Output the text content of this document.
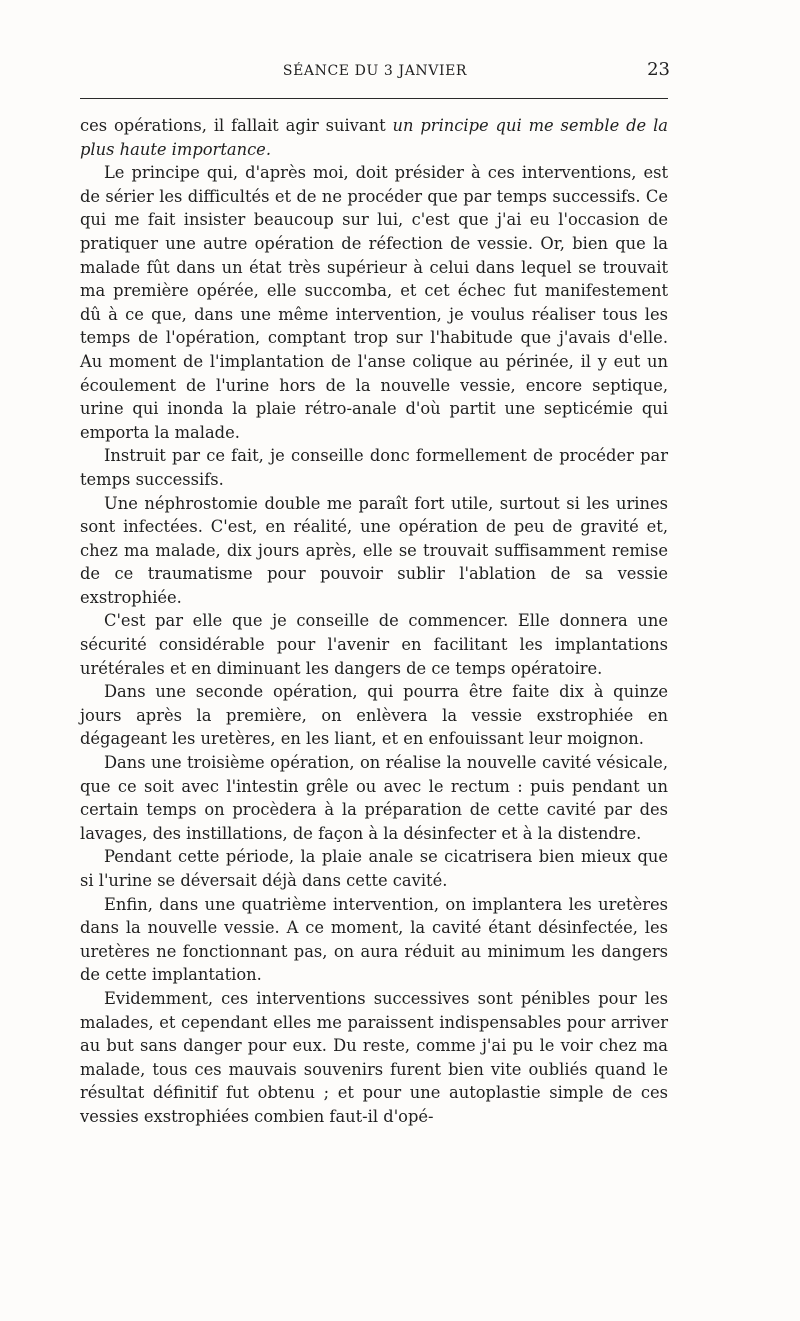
SÉANCE DU 3 JANVIER	23

ces opérations, il fallait agir suivant un principe qui me semble de la plus haute importance.

Le principe qui, d'après moi, doit présider à ces interventions, est de sérier les difficultés et de ne procéder que par temps successifs. Ce qui me fait insister beaucoup sur lui, c'est que j'ai eu l'occasion de pratiquer une autre opération de réfection de vessie. Or, bien que la malade fût dans un état très supérieur à celui dans lequel se trouvait ma première opérée, elle succomba, et cet échec fut manifestement dû à ce que, dans une même intervention, je voulus réaliser tous les temps de l'opération, comptant trop sur l'habitude que j'avais d'elle. Au moment de l'implantation de l'anse colique au périnée, il y eut un écoulement de l'urine hors de la nouvelle vessie, encore septique, urine qui inonda la plaie rétro-anale d'où partit une septicémie qui emporta la malade.

Instruit par ce fait, je conseille donc formellement de procéder par temps successifs.

Une néphrostomie double me paraît fort utile, surtout si les urines sont infectées. C'est, en réalité, une opération de peu de gravité et, chez ma malade, dix jours après, elle se trouvait suffisamment remise de ce traumatisme pour pouvoir sublir l'ablation de sa vessie exstrophiée.

C'est par elle que je conseille de commencer. Elle donnera une sécurité considérable pour l'avenir en facilitant les implantations urétérales et en diminuant les dangers de ce temps opératoire.

Dans une seconde opération, qui pourra être faite dix à quinze jours après la première, on enlèvera la vessie exstrophiée en dégageant les uretères, en les liant, et en enfouissant leur moignon.

Dans une troisième opération, on réalise la nouvelle cavité vésicale, que ce soit avec l'intestin grêle ou avec le rectum : puis pendant un certain temps on procèdera à la préparation de cette cavité par des lavages, des instillations, de façon à la désinfecter et à la distendre.

Pendant cette période, la plaie anale se cicatrisera bien mieux que si l'urine se déversait déjà dans cette cavité.

Enfin, dans une quatrième intervention, on implantera les uretères dans la nouvelle vessie. A ce moment, la cavité étant désinfectée, les uretères ne fonctionnant pas, on aura réduit au minimum les dangers de cette implantation.

Evidemment, ces interventions successives sont pénibles pour les malades, et cependant elles me paraissent indispensables pour arriver au but sans danger pour eux. Du reste, comme j'ai pu le voir chez ma malade, tous ces mauvais souvenirs furent bien vite oubliés quand le résultat définitif fut obtenu ; et pour une autoplastie simple de ces vessies exstrophiées combien faut-il d'opé-
